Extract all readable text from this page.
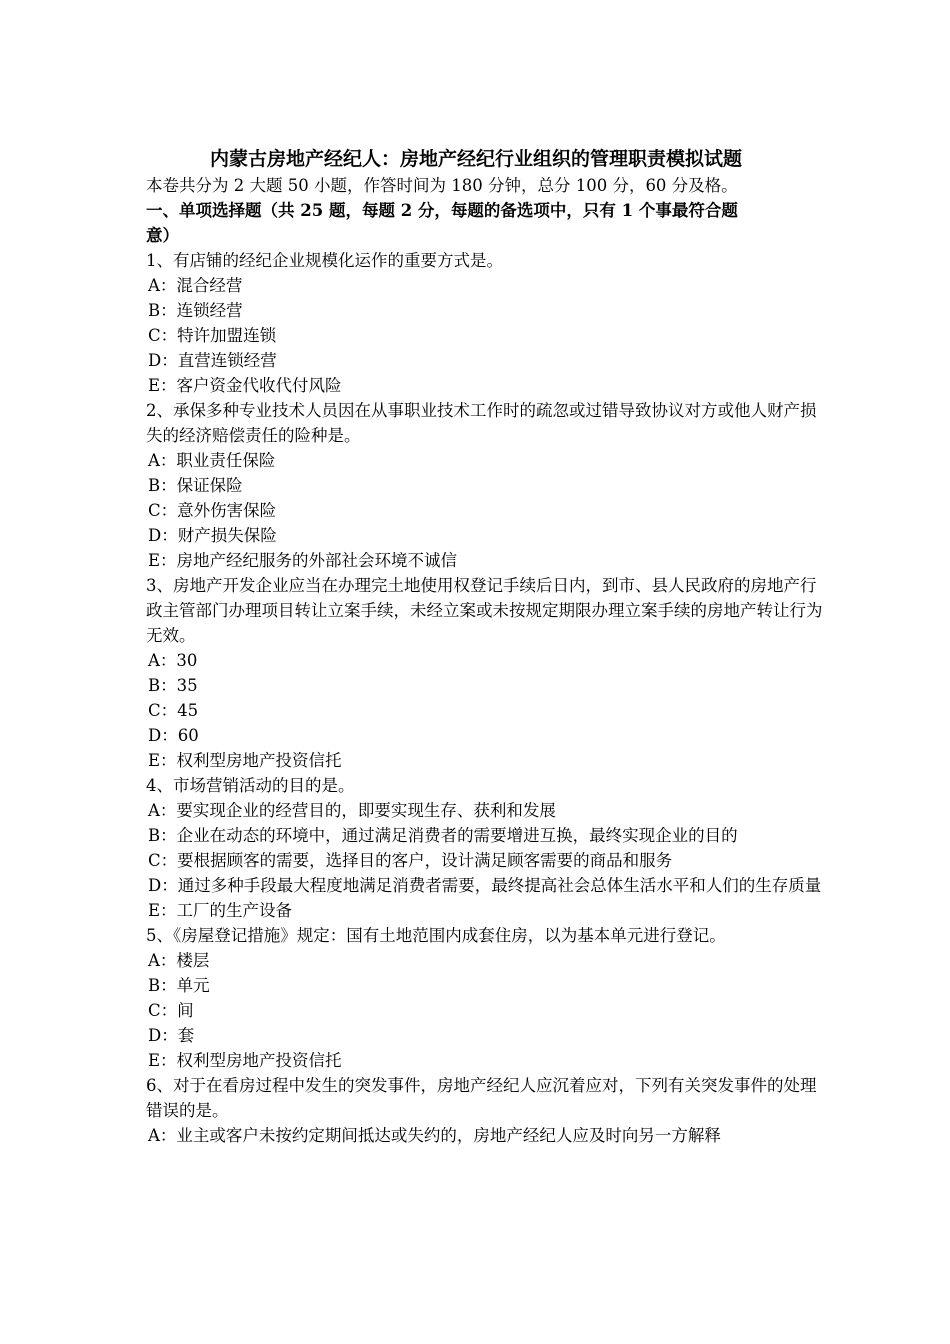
内蒙古房地产经纪人：房地产经纪行业组织的管理职责模拟试题
本卷共分为 2 大题 50 小题，作答时间为 180 分钟，总分 100 分，60 分及格。
一、单项选择题（共 25 题，每题 2 分，每题的备选项中，只有 1 个事最符合题
意）
1、有店铺的经纪企业规模化运作的重要方式是。
A：混合经营
B：连锁经营
C：特许加盟连锁
D：直营连锁经营
E：客户资金代收代付风险
2、承保多种专业技术人员因在从事职业技术工作时的疏忽或过错导致协议对方或他人财产损失的经济赔偿责任的险种是。
A：职业责任保险
B：保证保险
C：意外伤害保险
D：财产损失保险
E：房地产经纪服务的外部社会环境不诚信
3、房地产开发企业应当在办理完土地使用权登记手续后日内，到市、县人民政府的房地产行政主管部门办理项目转让立案手续，未经立案或未按规定期限办理立案手续的房地产转让行为无效。
A：30
B：35
C：45
D：60
E：权利型房地产投资信托
4、市场营销活动的目的是。
A：要实现企业的经营目的，即要实现生存、获利和发展
B：企业在动态的环境中，通过满足消费者的需要增进互换，最终实现企业的目的
C：要根据顾客的需要，选择目的客户，设计满足顾客需要的商品和服务
D：通过多种手段最大程度地满足消费者需要，最终提高社会总体生活水平和人们的生存质量
E：工厂的生产设备
5、《房屋登记措施》规定：国有土地范围内成套住房，以为基本单元进行登记。
A：楼层
B：单元
C：间
D：套
E：权利型房地产投资信托
6、对于在看房过程中发生的突发事件，房地产经纪人应沉着应对，下列有关突发事件的处理错误的是。
A：业主或客户未按约定期间抵达或失约的，房地产经纪人应及时向另一方解释
